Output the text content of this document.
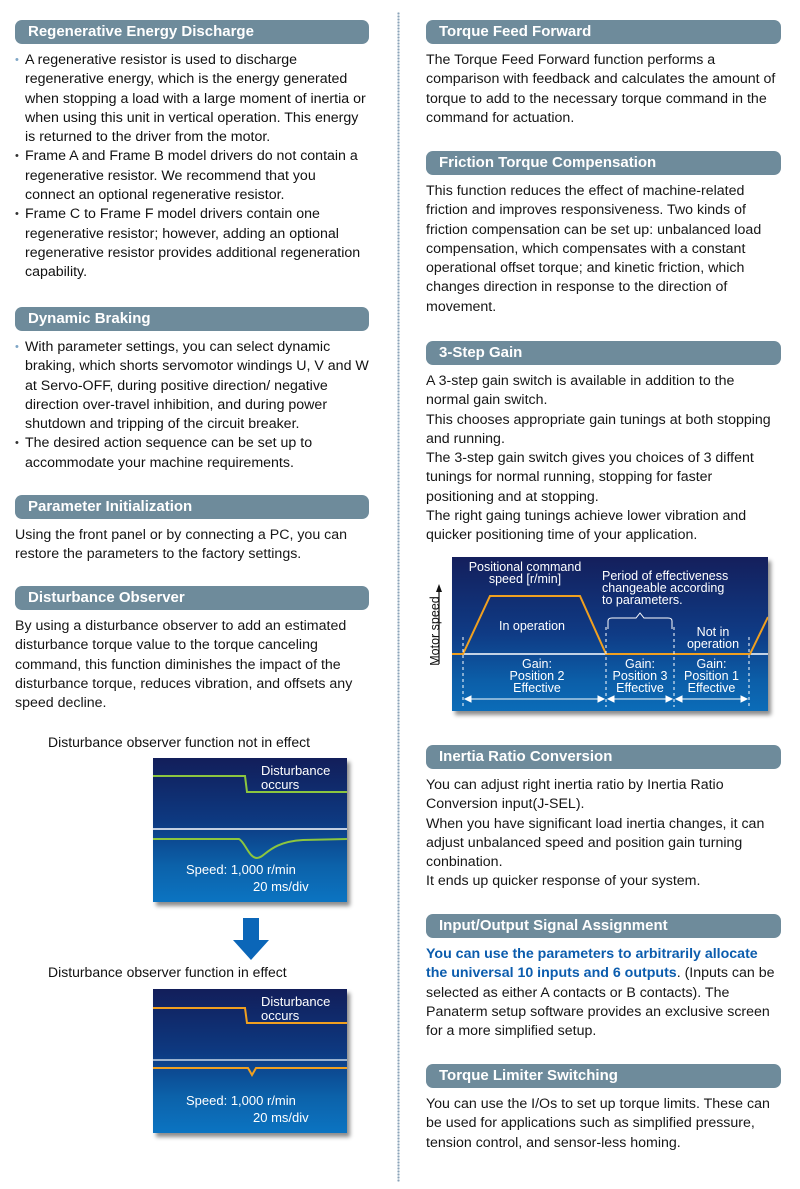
Regenerative Energy Discharge
• A regenerative resistor is used to discharge regenerative energy, which is the energy generated when stopping a load with a large moment of inertia or when using this unit in vertical operation. This energy is returned to the driver from the motor.
• Frame A and Frame B model drivers do not contain a regenerative resistor. We recommend that you connect an optional regenerative resistor.
• Frame C to Frame F model drivers contain one regenerative resistor; however, adding an optional regenerative resistor provides additional regeneration capability.
Dynamic Braking
• With parameter settings, you can select dynamic braking, which shorts servomotor windings U, V and W at Servo-OFF, during positive direction/ negative direction over-travel inhibition, and during power shutdown and tripping of the circuit breaker.
• The desired action sequence can be set up to accommodate your machine requirements.
Parameter Initialization

Using the front panel or by connecting a PC, you can restore the parameters to the factory settings.

Disturbance Observer

By using a disturbance observer to add an estimated disturbance torque value to the torque canceling command, this function diminishes the impact of the disturbance torque, reduces vibration, and offsets any speed decline.

Disturbance observer function not in effect
Disturbance
occurs
Speed: 1,000 r/min
20 ms/div
Disturbance observer function in effect
Disturbance
occurs
Speed: 1,000 r/min
20 ms/div
Torque Feed Forward

The Torque Feed Forward function performs a comparison with feedback and calculates the amount of torque to add to the necessary torque command in the command for actuation.

Friction Torque Compensation

This function reduces the effect of machine-related friction and improves responsiveness. Two kinds of friction compensation can be set up: unbalanced load compensation, which compensates with a constant operational offset torque; and kinetic friction, which changes direction in response to the direction of movement.

3-Step Gain
A 3-step gain switch is available in addition to the normal gain switch.
This chooses appropriate gain tunings at both stopping and running.
The 3-step gain switch gives you choices of 3 diffent tunings for normal running, stopping for faster positioning and at stopping.
The right gaing tunings achieve lower vibration and quicker positioning time of your application.
Inertia Ratio Conversion
You can adjust right inertia ratio by Inertia Ratio Conversion input(J-SEL).
When you have significant load inertia changes, it can adjust unbalanced speed and position gain turning conbination.
It ends up quicker response of your system.
Input/Output Signal Assignment

You can use the parameters to arbitrarily allocate the universal 10 inputs and 6 outputs. (Inputs can be selected as either A contacts or B contacts). The Panaterm setup software provides an exclusive screen for a more simplified setup.

Torque Limiter Switching

You can use the I/Os to set up torque limits. These can be used for applications such as simplified pressure, tension control, and sensor-less homing.

Motor speed
Positional command
speed [r/min]	Period of effectiveness
changeable according
to parameters.
In operation	Not in
operation
Gain:
Position 2
Effective
Gain:
Position 3
Effective
Gain:
Position 1
Effective
